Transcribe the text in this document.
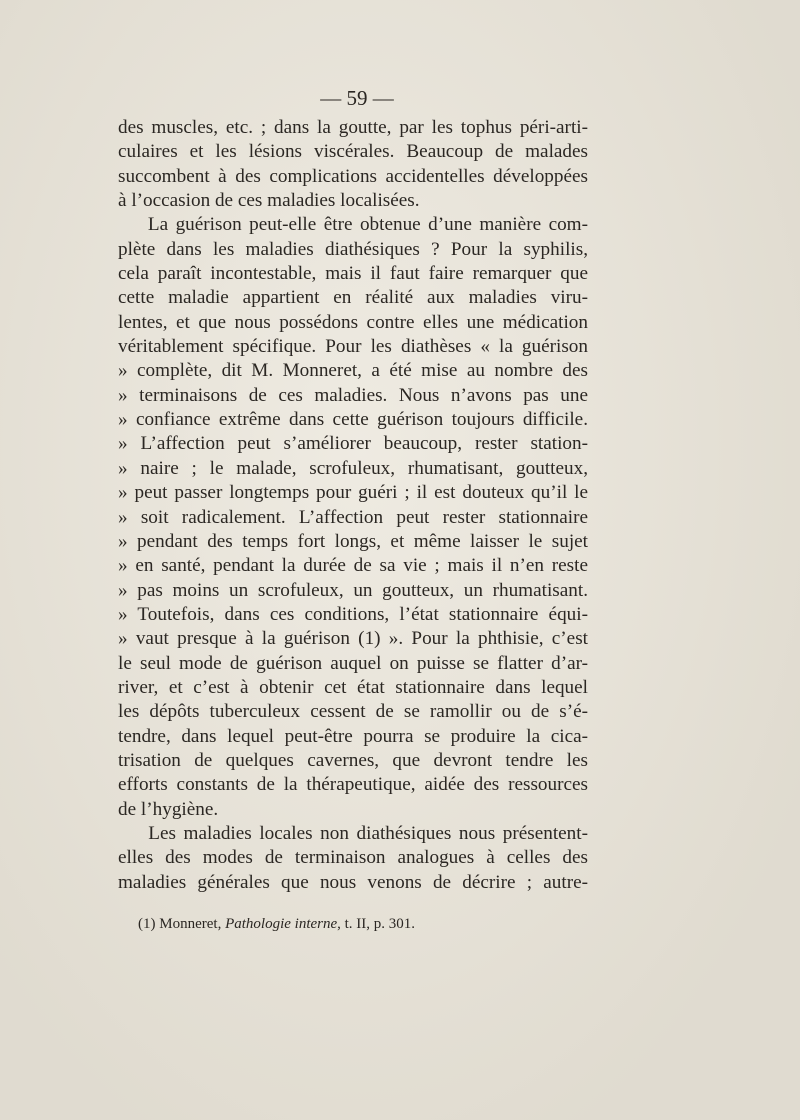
— 59 —
des muscles, etc. ; dans la goutte, par les tophus péri-arti-
culaires et les lésions viscérales. Beaucoup de malades
succombent à des complications accidentelles développées
à l’occasion de ces maladies localisées.
La guérison peut-elle être obtenue d’une manière com-
plète dans les maladies diathésiques ? Pour la syphilis,
cela paraît incontestable, mais il faut faire remarquer que
cette maladie appartient en réalité aux maladies viru-
lentes, et que nous possédons contre elles une médication
véritablement spécifique. Pour les diathèses « la guérison
» complète, dit M. Monneret, a été mise au nombre des
» terminaisons de ces maladies. Nous n’avons pas une
» confiance extrême dans cette guérison toujours difficile.
» L’affection peut s’améliorer beaucoup, rester station-
» naire ; le malade, scrofuleux, rhumatisant, goutteux,
» peut passer longtemps pour guéri ; il est douteux qu’il le
» soit radicalement. L’affection peut rester stationnaire
» pendant des temps fort longs, et même laisser le sujet
» en santé, pendant la durée de sa vie ; mais il n’en reste
» pas moins un scrofuleux, un goutteux, un rhumatisant.
» Toutefois, dans ces conditions, l’état stationnaire équi-
» vaut presque à la guérison (1) ». Pour la phthisie, c’est
le seul mode de guérison auquel on puisse se flatter d’ar-
river, et c’est à obtenir cet état stationnaire dans lequel
les dépôts tuberculeux cessent de se ramollir ou de s’é-
tendre, dans lequel peut-être pourra se produire la cica-
trisation de quelques cavernes, que devront tendre les
efforts constants de la thérapeutique, aidée des ressources
de l’hygiène.
Les maladies locales non diathésiques nous présentent-
elles des modes de terminaison analogues à celles des
maladies générales que nous venons de décrire ; autre-
(1) Monneret, Pathologie interne, t. II, p. 301.
